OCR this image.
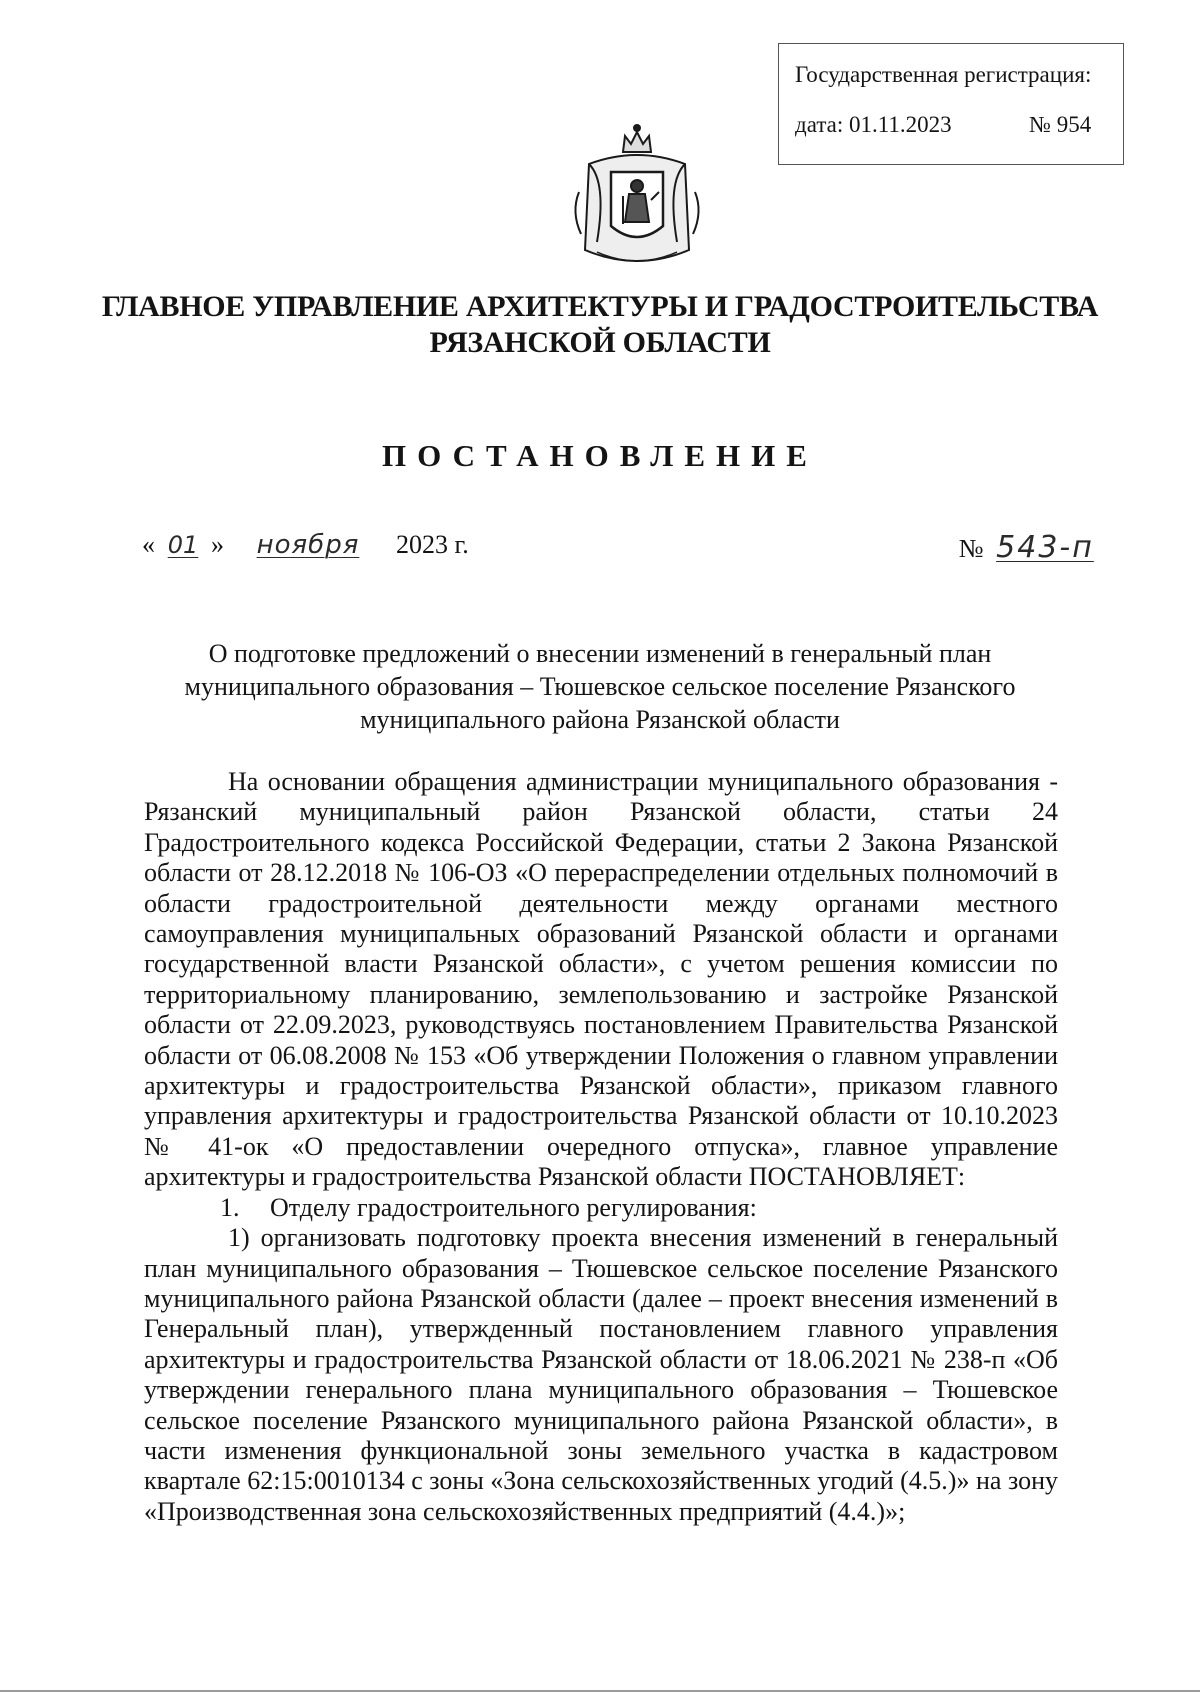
Государственная регистрация:
дата: 01.11.2023	№ 954
ГЛАВНОЕ УПРАВЛЕНИЕ АРХИТЕКТУРЫ И ГРАДОСТРОИТЕЛЬСТВА
РЯЗАНСКОЙ ОБЛАСТИ
ПОСТАНОВЛЕНИЕ
« 01 » ноября 2023 г.	№ 543-п
О подготовке предложений о внесении изменений в генеральный план
муниципального образования – Тюшевское сельское поселение Рязанского
муниципального района Рязанской области

На основании обращения администрации муниципального образования - Рязанский муниципальный район Рязанской области, статьи 24 Градостроительного кодекса Российской Федерации, статьи 2 Закона Рязанской области от 28.12.2018 № 106-ОЗ «О перераспределении отдельных полномочий в области градостроительной деятельности между органами местного самоуправления муниципальных образований Рязанской области и органами государственной власти Рязанской области», с учетом решения комиссии по территориальному планированию, землепользованию и застройке Рязанской области от 22.09.2023, руководствуясь постановлением Правительства Рязанской области от 06.08.2008 № 153 «Об утверждении Положения о главном управлении архитектуры и градостроительства Рязанской области», приказом главного управления архитектуры и градостроительства Рязанской области от 10.10.2023 № 41-ок «О предоставлении очередного отпуска», главное управление архитектуры и градостроительства Рязанской области ПОСТАНОВЛЯЕТ:

1. Отделу градостроительного регулирования:

1) организовать подготовку проекта внесения изменений в генеральный план муниципального образования – Тюшевское сельское поселение Рязанского муниципального района Рязанской области (далее – проект внесения изменений в Генеральный план), утвержденный постановлением главного управления архитектуры и градостроительства Рязанской области от 18.06.2021 № 238-п «Об утверждении генерального плана муниципального образования – Тюшевское сельское поселение Рязанского муниципального района Рязанской области», в части изменения функциональной зоны земельного участка в кадастровом квартале 62:15:0010134 с зоны «Зона сельскохозяйственных угодий (4.5.)» на зону «Производственная зона сельскохозяйственных предприятий (4.4.)»;
